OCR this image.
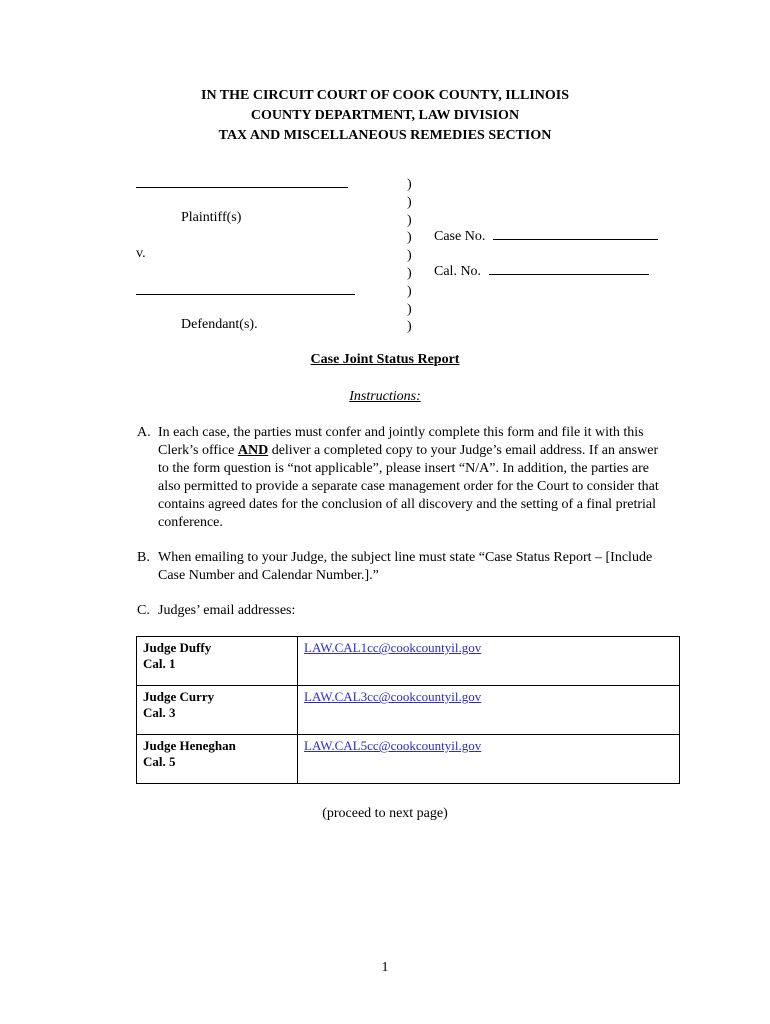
IN THE CIRCUIT COURT OF COOK COUNTY, ILLINOIS
COUNTY DEPARTMENT, LAW DIVISION
TAX AND MISCELLANEOUS REMEDIES SECTION
Plaintiff(s)
v.
Defendant(s).
)
)
)
)
)
)
)
)
)
Case No.
Cal. No.
Case Joint Status Report
Instructions:
A. In each case, the parties must confer and jointly complete this form and file it with this Clerk’s office AND deliver a completed copy to your Judge’s email address. If an answer to the form question is “not applicable”, please insert “N/A”. In addition, the parties are also permitted to provide a separate case management order for the Court to consider that contains agreed dates for the conclusion of all discovery and the setting of a final pretrial conference.
B. When emailing to your Judge, the subject line must state “Case Status Report – [Include Case Number and Calendar Number.].”
C. Judges’ email addresses:
Judge Duffy
Cal. 1	LAW.CAL1cc@cookcountyil.gov

Judge Curry
Cal. 3	LAW.CAL3cc@cookcountyil.gov

Judge Heneghan
Cal. 5	LAW.CAL5cc@cookcountyil.gov
(proceed to next page)
1
